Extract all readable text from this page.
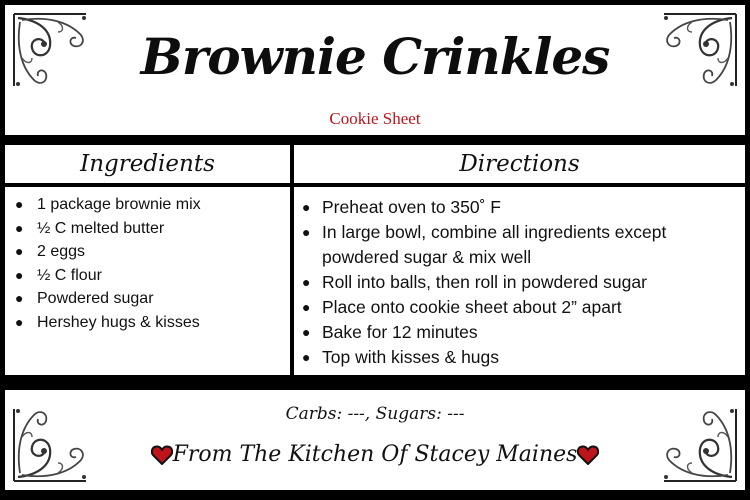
Brownie Crinkles
Cookie Sheet
Ingredients	Directions
● 1 package brownie mix
● ½ C melted butter
● 2 eggs
● ½ C flour
● Powdered sugar
● Hershey hugs & kisses
● Preheat oven to 350˚ F
● In large bowl, combine all ingredients except powdered sugar & mix well
● Roll into balls, then roll in powdered sugar
● Place onto cookie sheet about 2” apart
● Bake for 12 minutes
● Top with kisses & hugs
Carbs: ---, Sugars: ---
From The Kitchen Of Stacey Maines
